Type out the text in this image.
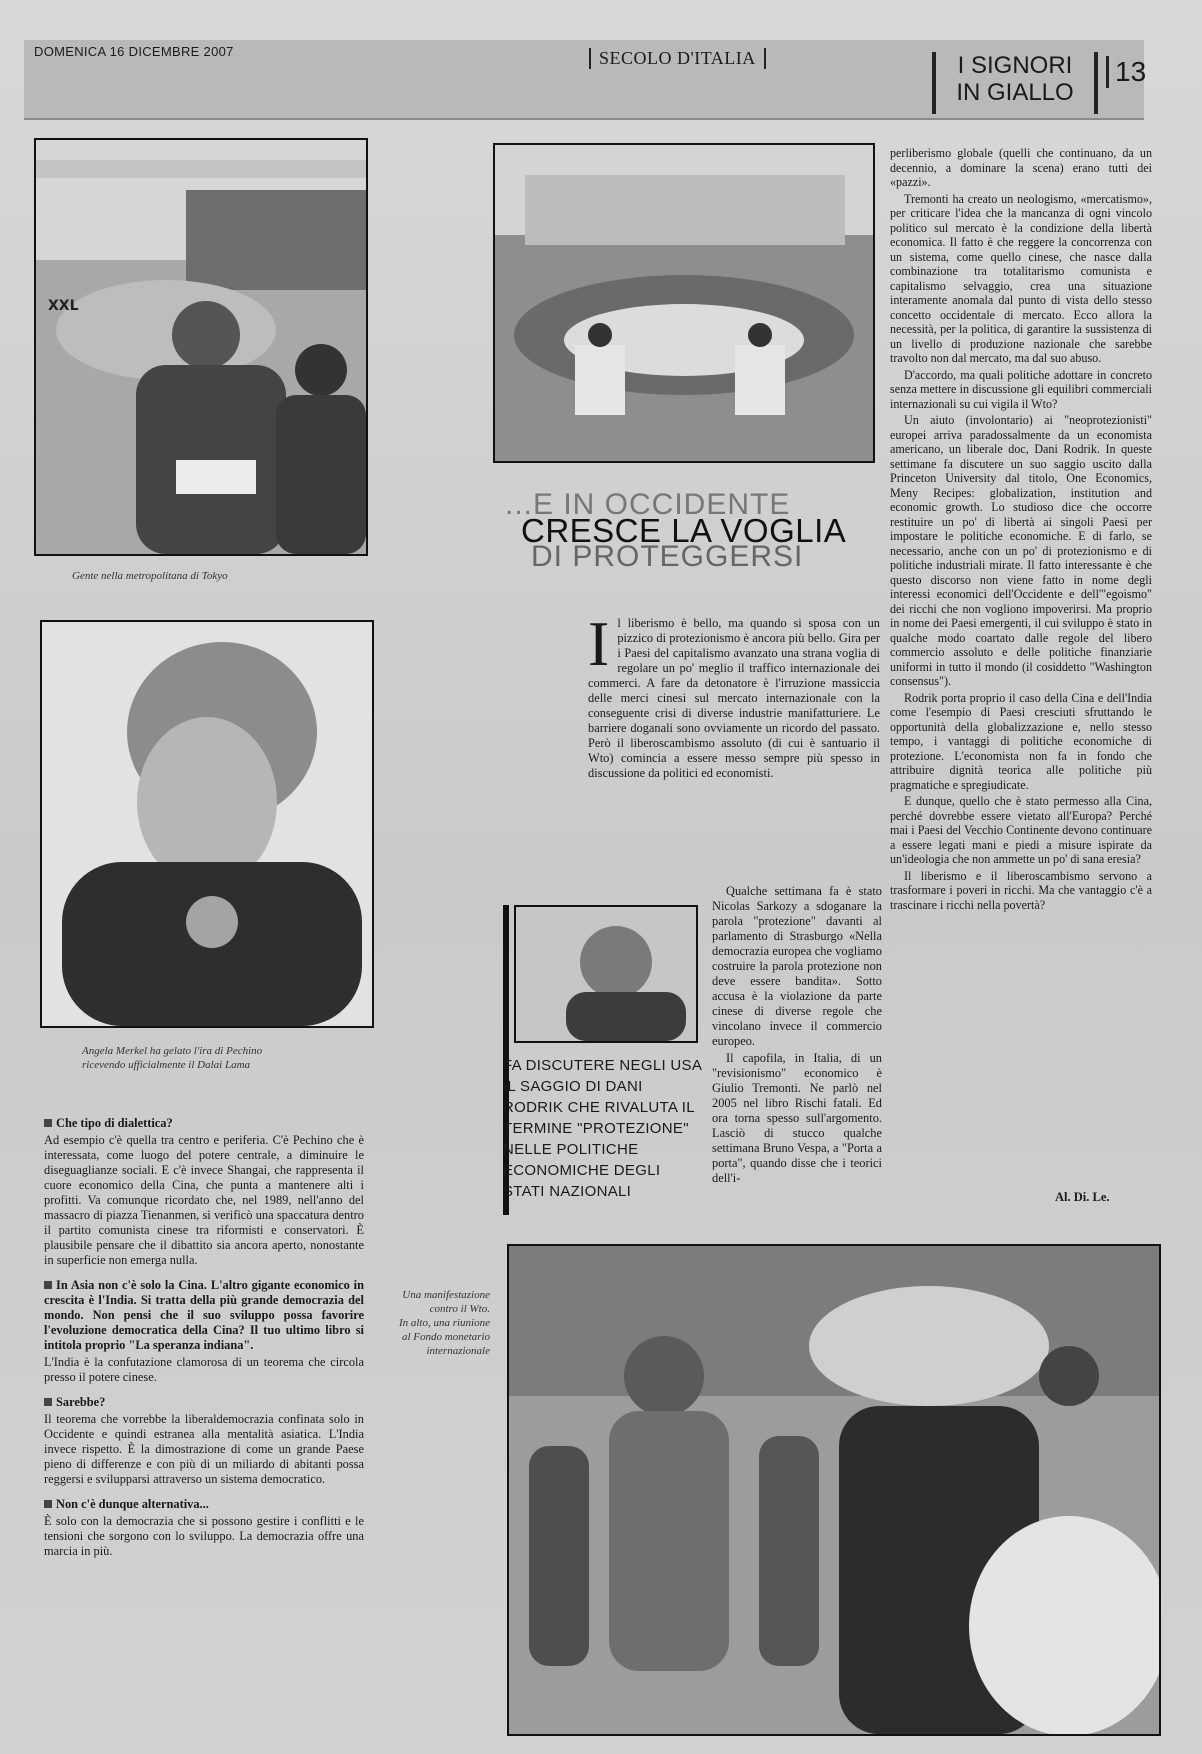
DOMENICA 16 DICEMBRE 2007	SECOLO D'ITALIA	I SIGNORI
IN GIALLO
13
XXL
Gente nella metropolitana di Tokyo
Angela Merkel ha gelato l'ira di Pechino
ricevendo ufficialmente il Dalai Lama

Che tipo di dialettica?

Ad esempio c'è quella tra centro e periferia. C'è Pechino che è interessata, come luogo del potere centrale, a diminuire le diseguaglianze sociali. E c'è invece Shangai, che rappresenta il cuore economico della Cina, che punta a mantenere alti i profitti. Va comunque ricordato che, nel 1989, nell'anno del massacro di piazza Tienanmen, si verificò una spaccatura dentro il partito comunista cinese tra riformisti e conservatori. È plausibile pensare che il dibattito sia ancora aperto, nonostante in superficie non emerga nulla.

In Asia non c'è solo la Cina. L'altro gigante economico in crescita è l'India. Si tratta della più grande democrazia del mondo. Non pensi che il suo sviluppo possa favorire l'evoluzione democratica della Cina? Il tuo ultimo libro si intitola proprio "La speranza indiana".

L'India è la confutazione clamorosa di un teorema che circola presso il potere cinese.

Sarebbe?

Il teorema che vorrebbe la liberaldemocrazia confinata solo in Occidente e quindi estranea alla mentalità asiatica. L'India invece rispetto. È la dimostrazione di come un grande Paese pieno di differenze e con più di un miliardo di abitanti possa reggersi e svilupparsi attraverso un sistema democratico.

Non c'è dunque alternativa...

È solo con la democrazia che si possono gestire i conflitti e le tensioni che sorgono con lo sviluppo. La democrazia offre una marcia in più.

...E IN OCCIDENTE
CRESCE LA VOGLIA
DI PROTEGGERSI

Il liberismo è bello, ma quando si sposa con un pizzico di protezionismo è ancora più bello. Gira per i Paesi del capitalismo avanzato una strana voglia di regolare un po' meglio il traffico internazionale dei commerci. A fare da detonatore è l'irruzione massiccia delle merci cinesi sul mercato internazionale con la conseguente crisi di diverse industrie manifatturiere. Le barriere doganali sono ovviamente un ricordo del passato. Però il liberoscambismo assoluto (di cui è santuario il Wto) comincia a essere messo sempre più spesso in discussione da politici ed economisti.

FA DISCUTERE NEGLI USA IL SAGGIO DI DANI RODRIK CHE RIVALUTA IL TERMINE "PROTEZIONE" NELLE POLITICHE ECONOMICHE DEGLI STATI NAZIONALI

Qualche settimana fa è stato Nicolas Sarkozy a sdoganare la parola "protezione" davanti al parlamento di Strasburgo «Nella democrazia europea che vogliamo costruire la parola protezione non deve essere bandita». Sotto accusa è la violazione da parte cinese di diverse regole che vincolano invece il commercio europeo.

Il capofila, in Italia, di un "revisionismo" economico è Giulio Tremonti. Ne parlò nel 2005 nel libro Rischi fatali. Ed ora torna spesso sull'argomento. Lasciò di stucco qualche settimana Bruno Vespa, a "Porta a porta", quando disse che i teorici dell'i-

perliberismo globale (quelli che continuano, da un decennio, a dominare la scena) erano tutti dei «pazzi».

Tremonti ha creato un neologismo, «mercatismo», per criticare l'idea che la mancanza di ogni vincolo politico sul mercato è la condizione della libertà economica. Il fatto è che reggere la concorrenza con un sistema, come quello cinese, che nasce dalla combinazione tra totalitarismo comunista e capitalismo selvaggio, crea una situazione interamente anomala dal punto di vista dello stesso concetto occidentale di mercato. Ecco allora la necessità, per la politica, di garantire la sussistenza di un livello di produzione nazionale che sarebbe travolto non dal mercato, ma dal suo abuso.

D'accordo, ma quali politiche adottare in concreto senza mettere in discussione gli equilibri commerciali internazionali su cui vigila il Wto?

Un aiuto (involontario) ai "neoprotezionisti" europei arriva paradossalmente da un economista americano, un liberale doc, Dani Rodrik. In queste settimane fa discutere un suo saggio uscito dalla Princeton University dal titolo, One Economics, Meny Recipes: globalization, institution and economic growth. Lo studioso dice che occorre restituire un po' di libertà ai singoli Paesi per impostare le politiche economiche. E di farlo, se necessario, anche con un po' di protezionismo e di politiche industriali mirate. Il fatto interessante è che questo discorso non viene fatto in nome degli interessi economici dell'Occidente e dell'"egoismo" dei ricchi che non vogliono impoverirsi. Ma proprio in nome dei Paesi emergenti, il cui sviluppo è stato in qualche modo coartato dalle regole del libero commercio assoluto e delle politiche finanziarie uniformi in tutto il mondo (il cosiddetto "Washington consensus").

Rodrik porta proprio il caso della Cina e dell'India come l'esempio di Paesi cresciuti sfruttando le opportunità della globalizzazione e, nello stesso tempo, i vantaggi di politiche economiche di protezione. L'economista non fa in fondo che attribuire dignità teorica alle politiche più pragmatiche e spregiudicate.

E dunque, quello che è stato permesso alla Cina, perché dovrebbe essere vietato all'Europa? Perché mai i Paesi del Vecchio Continente devono continuare a essere legati mani e piedi a misure ispirate da un'ideologia che non ammette un po' di sana eresia?

Il liberismo e il liberoscambismo servono a trasformare i poveri in ricchi. Ma che vantaggio c'è a trascinare i ricchi nella povertà?

Al. Di. Le.
Una manifestazione
contro il Wto.
In alto, una riunione
al Fondo monetario
internazionale
